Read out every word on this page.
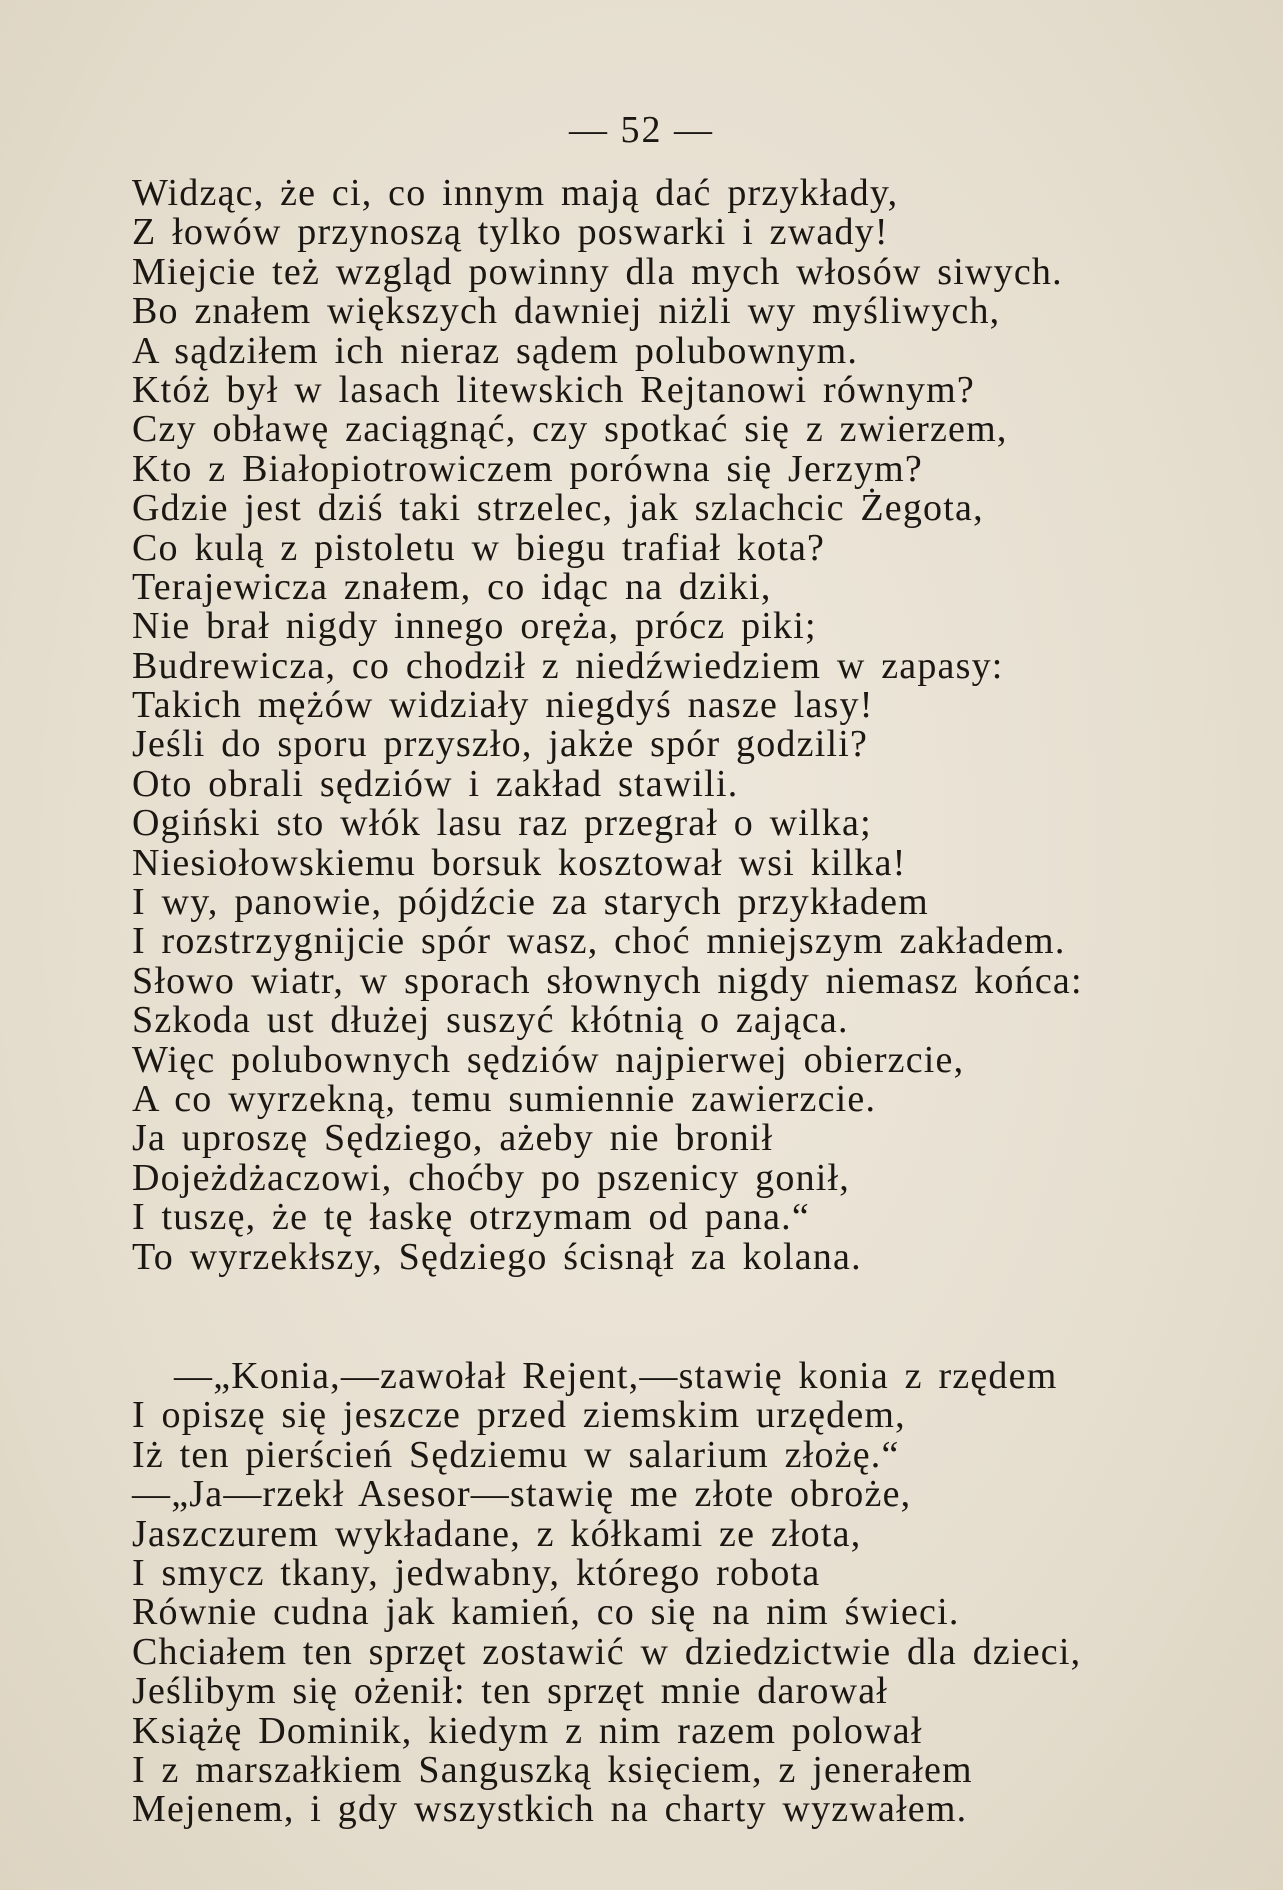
— 52 —
Widząc, że ci, co innym mają dać przykłady,
Z łowów przynoszą tylko poswarki i zwady!
Miejcie też wzgląd powinny dla mych włosów siwych.
Bo znałem większych dawniej niżli wy myśliwych,
A sądziłem ich nieraz sądem polubownym.
Któż był w lasach litewskich Rejtanowi równym?
Czy obławę zaciągnąć, czy spotkać się z zwierzem,
Kto z Białopiotrowiczem porówna się Jerzym?
Gdzie jest dziś taki strzelec, jak szlachcic Żegota,
Co kulą z pistoletu w biegu trafiał kota?
Terajewicza znałem, co idąc na dziki,
Nie brał nigdy innego oręża, prócz piki;
Budrewicza, co chodził z niedźwiedziem w zapasy:
Takich mężów widziały niegdyś nasze lasy!
Jeśli do sporu przyszło, jakże spór godzili?
Oto obrali sędziów i zakład stawili.
Ogiński sto włók lasu raz przegrał o wilka;
Niesiołowskiemu borsuk kosztował wsi kilka!
I wy, panowie, pójdźcie za starych przykładem
I rozstrzygnijcie spór wasz, choć mniejszym zakładem.
Słowo wiatr, w sporach słownych nigdy niemasz końca:
Szkoda ust dłużej suszyć kłótnią o zająca.
Więc polubownych sędziów najpierwej obierzcie,
A co wyrzekną, temu sumiennie zawierzcie.
Ja uproszę Sędziego, ażeby nie bronił
Dojeżdżaczowi, choćby po pszenicy gonił,
I tuszę, że tę łaskę otrzymam od pana.“
To wyrzekłszy, Sędziego ścisnął za kolana.
—„Konia,—zawołał Rejent,—stawię konia z rzędem
I opiszę się jeszcze przed ziemskim urzędem,
Iż ten pierścień Sędziemu w salarium złożę.“
—„Ja—rzekł Asesor—stawię me złote obroże,
Jaszczurem wykładane, z kółkami ze złota,
I smycz tkany, jedwabny, którego robota
Równie cudna jak kamień, co się na nim świeci.
Chciałem ten sprzęt zostawić w dziedzictwie dla dzieci,
Jeślibym się ożenił: ten sprzęt mnie darował
Książę Dominik, kiedym z nim razem polował
I z marszałkiem Sanguszką księciem, z jenerałem
Mejenem, i gdy wszystkich na charty wyzwałem.
